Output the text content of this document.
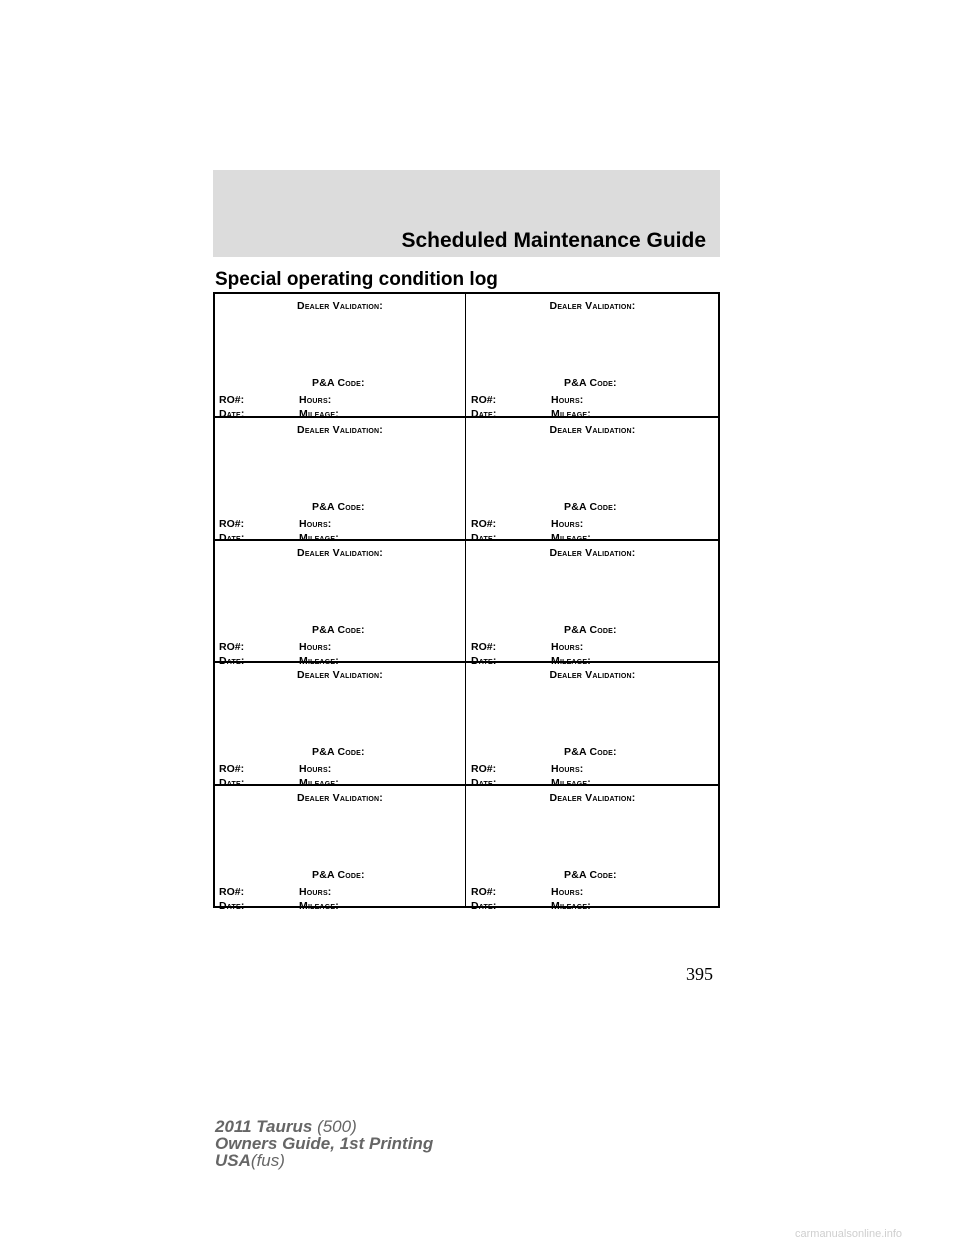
Scheduled Maintenance Guide
Special operating condition log
Dealer Validation:
P&A Code:
RO#:	Hours:
Date:	Mileage:
Dealer Validation:
P&A Code:
RO#:	Hours:
Date:	Mileage:
Dealer Validation:
P&A Code:
RO#:	Hours:
Date:	Mileage:
Dealer Validation:
P&A Code:
RO#:	Hours:
Date:	Mileage:
Dealer Validation:
P&A Code:
RO#:	Hours:
Date:	Mileage:
Dealer Validation:
P&A Code:
RO#:	Hours:
Date:	Mileage:
Dealer Validation:
P&A Code:
RO#:	Hours:
Date:	Mileage:
Dealer Validation:
P&A Code:
RO#:	Hours:
Date:	Mileage:
Dealer Validation:
P&A Code:
RO#:	Hours:
Date:	Mileage:
Dealer Validation:
P&A Code:
RO#:	Hours:
Date:	Mileage:
395
2011 Taurus (500)
Owners Guide, 1st Printing
USA(fus)
carmanualsonline.info
